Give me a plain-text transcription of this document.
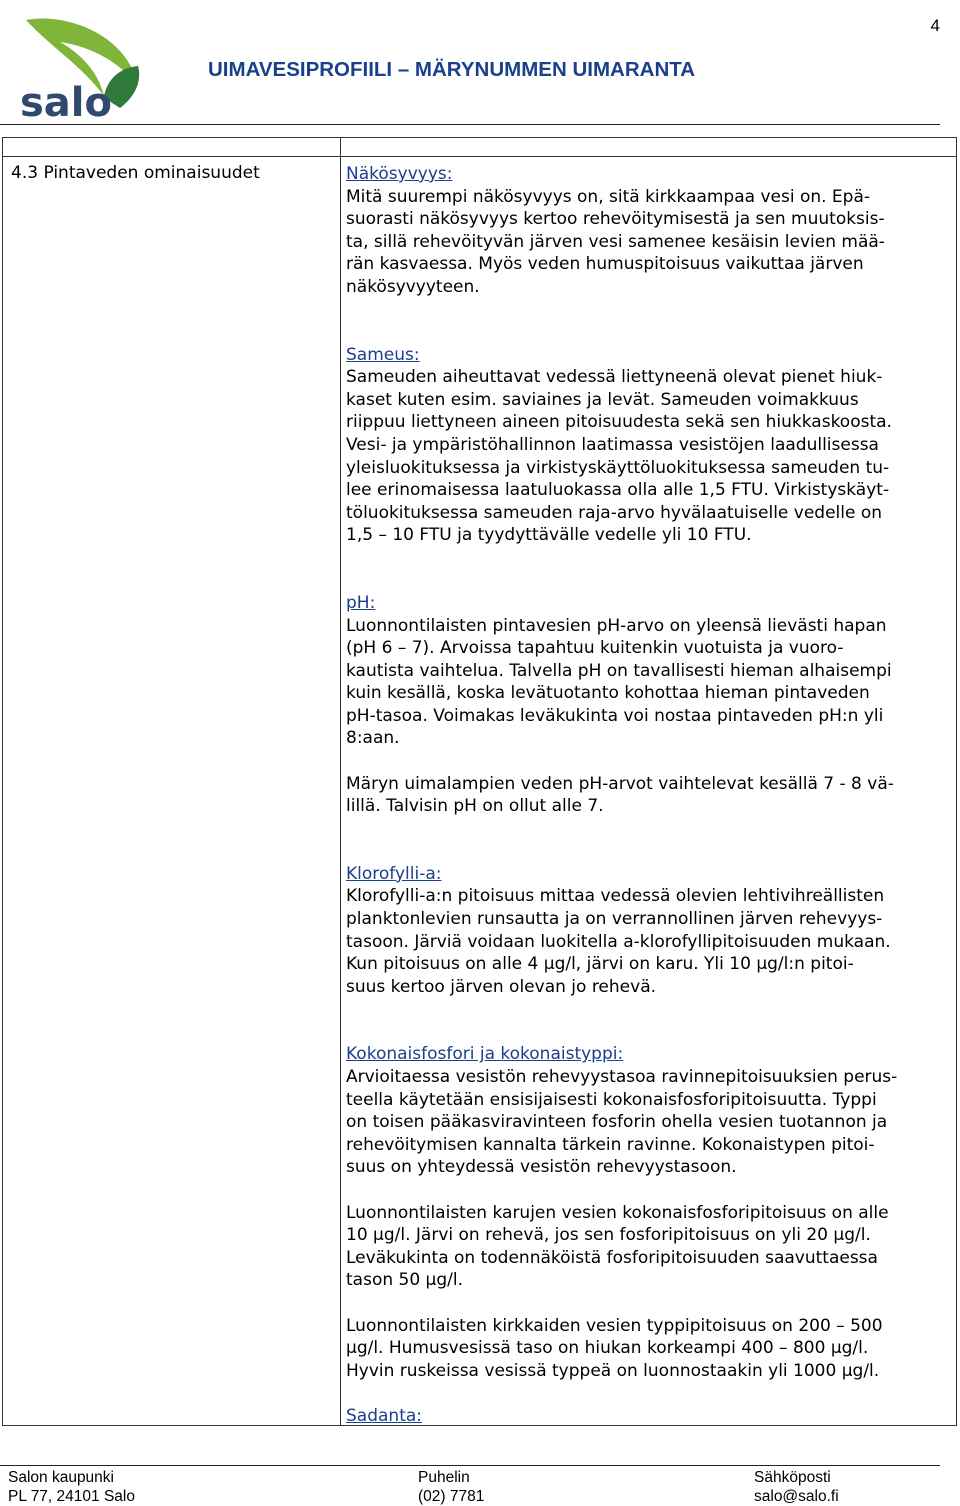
4
salo
UIMAVESIPROFIILI – MÄRYNUMMEN UIMARANTA
4.3 Pintaveden ominaisuudet	Näkösyvyys:
Mitä suurempi näkösyvyys on, sitä kirkkaampaa vesi on. Epä-
suorasti näkösyvyys kertoo rehevöitymisestä ja sen muutoksis-
ta, sillä rehevöityvän järven vesi samenee kesäisin levien mää-
rän kasvaessa. Myös veden humuspitoisuus vaikuttaa järven
näkösyvyyteen.
Sameus:
Sameuden aiheuttavat vedessä liettyneenä olevat pienet hiuk-
kaset kuten esim. saviaines ja levät. Sameuden voimakkuus
riippuu liettyneen aineen pitoisuudesta sekä sen hiukkaskoosta.
Vesi- ja ympäristöhallinnon laatimassa vesistöjen laadullisessa
yleisluokituksessa ja virkistyskäyttöluokituksessa sameuden tu-
lee erinomaisessa laatuluokassa olla alle 1,5 FTU. Virkistyskäyt-
töluokituksessa sameuden raja-arvo hyvälaatuiselle vedelle on
1,5 – 10 FTU ja tyydyttävälle vedelle yli 10 FTU.
pH:
Luonnontilaisten pintavesien pH-arvo on yleensä lievästi hapan
(pH 6 – 7). Arvoissa tapahtuu kuitenkin vuotuista ja vuoro-
kautista vaihtelua. Talvella pH on tavallisesti hieman alhaisempi
kuin kesällä, koska levätuotanto kohottaa hieman pintaveden
pH-tasoa. Voimakas leväkukinta voi nostaa pintaveden pH:n yli
8:aan.
Märyn uimalampien veden pH-arvot vaihtelevat kesällä 7 - 8 vä-
lillä. Talvisin pH on ollut alle 7.
Klorofylli-a:
Klorofylli-a:n pitoisuus mittaa vedessä olevien lehtivihreällisten
planktonlevien runsautta ja on verrannollinen järven rehevyys-
tasoon. Järviä voidaan luokitella a-klorofyllipitoisuuden mukaan.
Kun pitoisuus on alle 4 μg/l, järvi on karu. Yli 10 μg/l:n pitoi-
suus kertoo järven olevan jo rehevä.
Kokonaisfosfori ja kokonaistyppi:
Arvioitaessa vesistön rehevyystasoa ravinnepitoisuuksien perus-
teella käytetään ensisijaisesti kokonaisfosforipitoisuutta. Typpi
on toisen pääkasviravinteen fosforin ohella vesien tuotannon ja
rehevöitymisen kannalta tärkein ravinne. Kokonaistypen pitoi-
suus on yhteydessä vesistön rehevyystasoon.
Luonnontilaisten karujen vesien kokonaisfosforipitoisuus on alle
10 μg/l. Järvi on rehevä, jos sen fosforipitoisuus on yli 20 μg/l.
Leväkukinta on todennäköistä fosforipitoisuuden saavuttaessa
tason 50 μg/l.
Luonnontilaisten kirkkaiden vesien typpipitoisuus on 200 – 500
μg/l. Humusvesissä taso on hiukan korkeampi 400 – 800 μg/l.
Hyvin ruskeissa vesissä typpeä on luonnostaakin yli 1000 μg/l.
Sadanta:
Salon kaupunki
PL 77, 24101 Salo
Puhelin
(02) 7781
Sähköposti
salo@salo.fi
